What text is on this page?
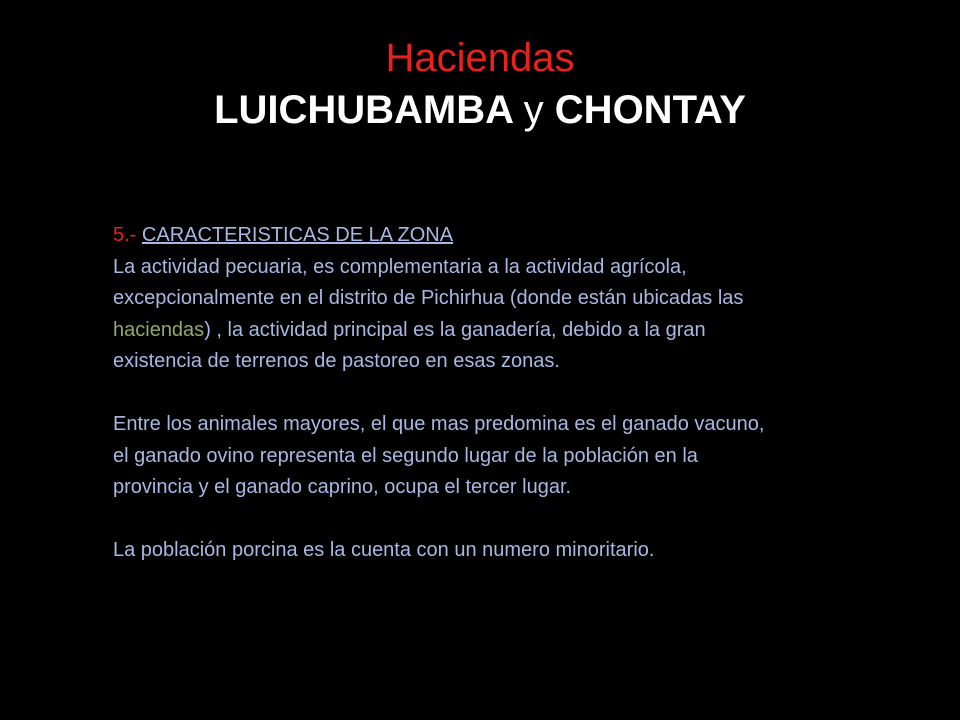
Haciendas
LUICHUBAMBA y CHONTAY
5.- CARACTERISTICAS DE LA ZONA
La actividad pecuaria, es complementaria a la actividad agrícola,
excepcionalmente en el distrito de Pichirhua (donde están ubicadas las
haciendas) , la actividad principal es la ganadería, debido a la gran
existencia de terrenos de pastoreo en esas zonas.
Entre los animales mayores, el que mas predomina es el ganado vacuno,
el ganado ovino representa el segundo lugar de la población en la
provincia y el ganado caprino, ocupa el tercer lugar.
La población porcina es la cuenta con un numero minoritario.
